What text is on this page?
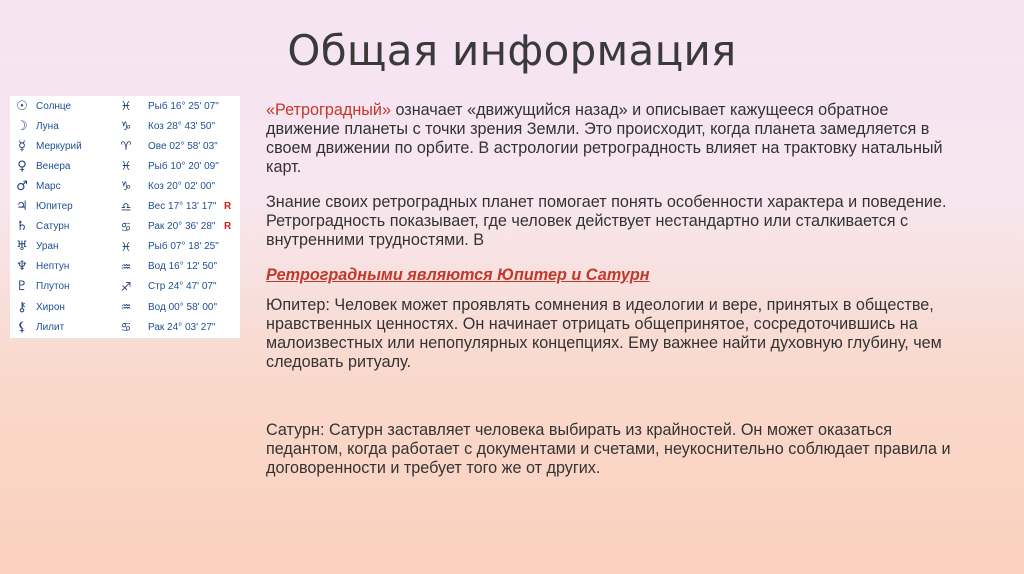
Общая информация
☉ Солнце	♓ Рыб 16° 25' 07"
☽ Луна	♑ Коз 28° 43' 50"
☿	Меркурий	♈ Ове 02° 58' 03"
♀ Венера	♓ Рыб 10° 20' 09"
♂ Марс	♑ Коз 20° 02' 00"
♃ Юпитер	♎ Вес 17° 13' 17" R
♄ Сатурн	♋ Рак 20° 36' 28" R
♅ Уран	♓ Рыб 07° 18' 25"
♆ Нептун	♒ Вод 16° 12' 50"
♇ Плутон	♐ Стр 24° 47' 07"
⚷ Хирон	♒ Вод 00° 58' 00"
⚸ Лилит	♋ Рак 24° 03' 27"

«Ретроградный» означает «движущийся назад» и описывает кажущееся обратное движение планеты с точки зрения Земли. Это происходит, когда планета замедляется в своем движении по орбите. В астрологии ретроградность влияет на трактовку натальный карт.

Знание своих ретроградных планет помогает понять особенности характера и поведение. Ретроградность показывает, где человек действует нестандартно или сталкивается с внутренними трудностями. В

Ретроградными являются Юпитер и Сатурн

Юпитер: Человек может проявлять сомнения в идеологии и вере, принятых в обществе, нравственных ценностях. Он начинает отрицать общепринятое, сосредоточившись на малоизвестных или непопулярных концепциях. Ему важнее найти духовную глубину, чем следовать ритуалу.

Сатурн: Сатурн заставляет человека выбирать из крайностей. Он может оказаться педантом, когда работает с документами и счетами, неукоснительно соблюдает правила и договоренности и требует того же от других.
